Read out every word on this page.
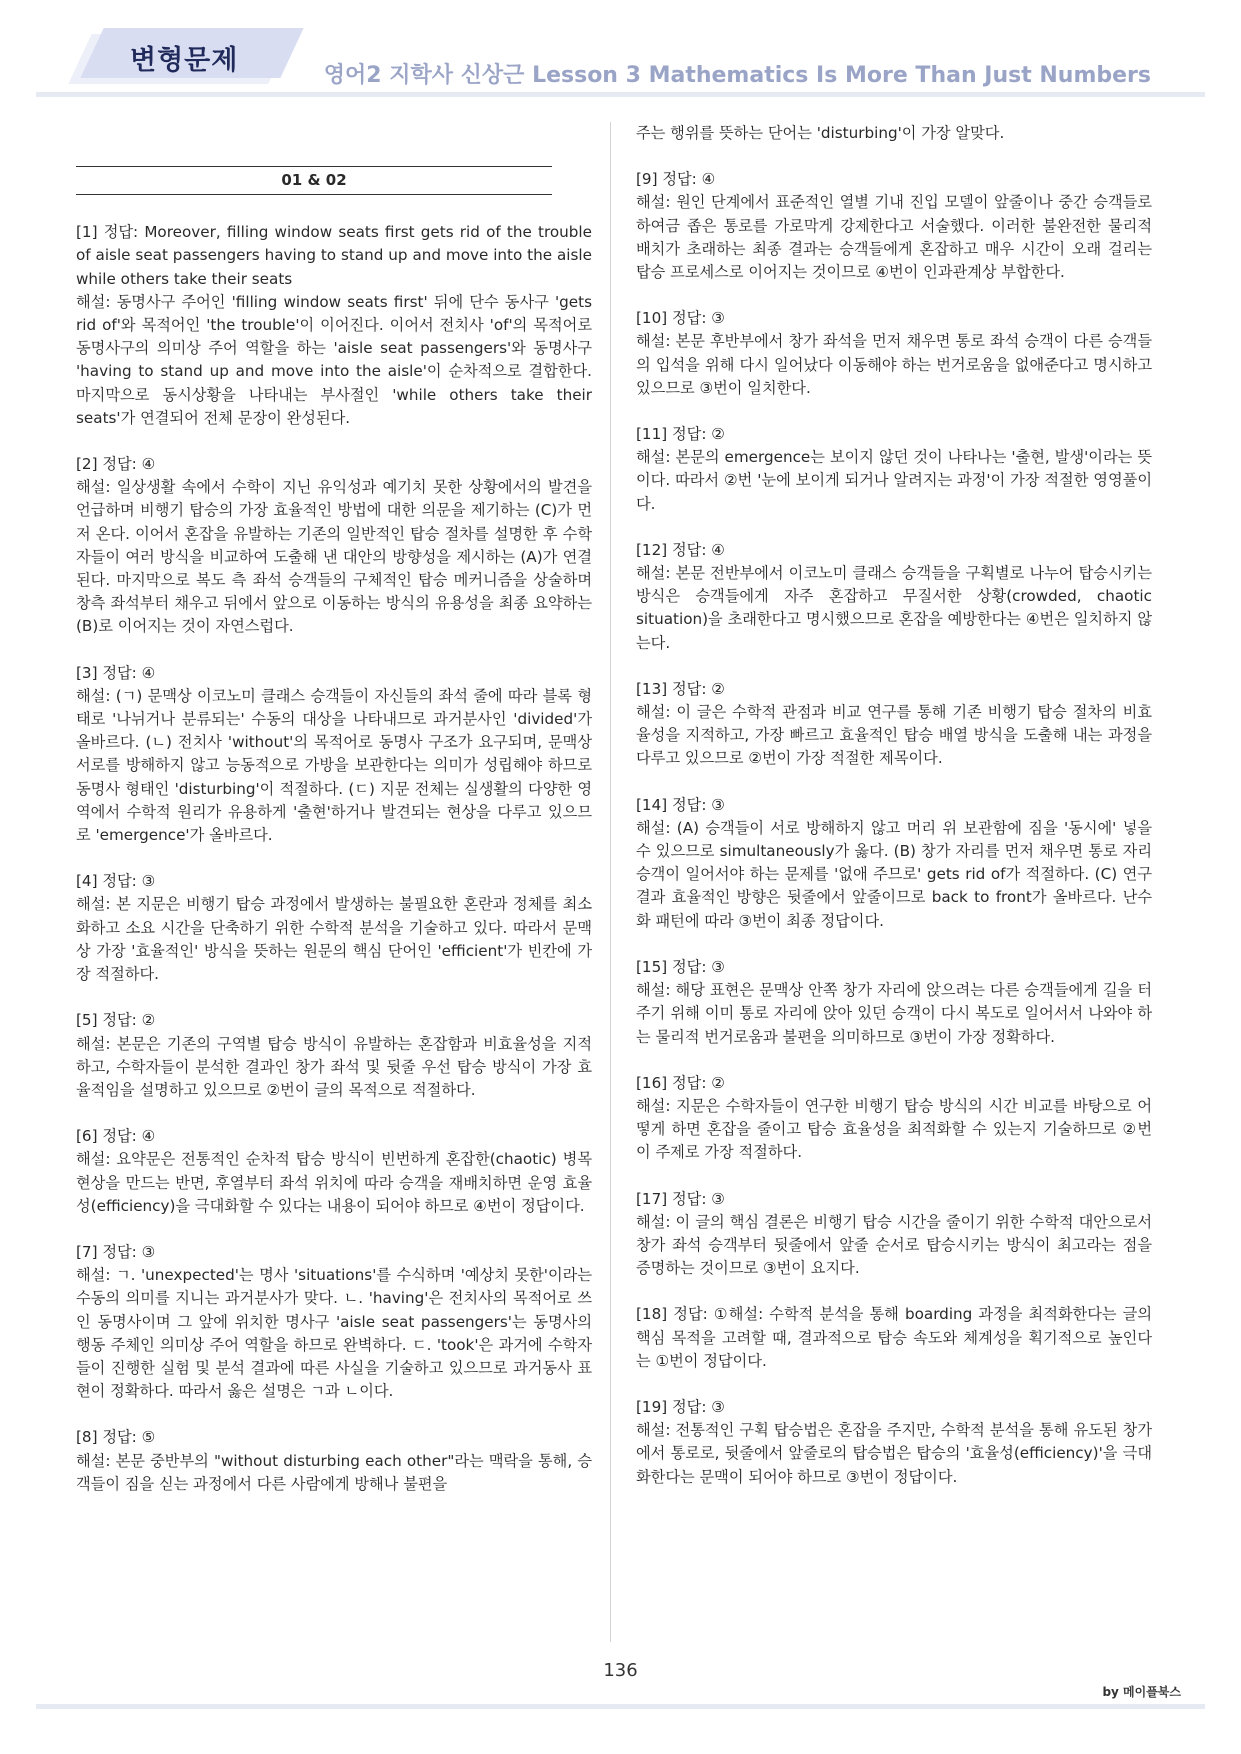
변형문제	영어2 지학사 신상근 Lesson 3 Mathematics Is More Than Just Numbers
01 & 02

[1] 정답: Moreover, filling window seats first gets rid of the trouble of aisle seat passengers having to stand up and move into the aisle while others take their seats

해설: 동명사구 주어인 'filling window seats first' 뒤에 단수 동사구 'gets rid of'와 목적어인 'the trouble'이 이어진다. 이어서 전치사 'of'의 목적어로 동명사구의 의미상 주어 역할을 하는 'aisle seat passengers'와 동명사구 'having to stand up and move into the aisle'이 순차적으로 결합한다. 마지막으로 동시상황을 나타내는 부사절인 'while others take their seats'가 연결되어 전체 문장이 완성된다.

[2] 정답: ④

해설: 일상생활 속에서 수학이 지닌 유익성과 예기치 못한 상황에서의 발견을 언급하며 비행기 탑승의 가장 효율적인 방법에 대한 의문을 제기하는 (C)가 먼저 온다. 이어서 혼잡을 유발하는 기존의 일반적인 탑승 절차를 설명한 후 수학자들이 여러 방식을 비교하여 도출해 낸 대안의 방향성을 제시하는 (A)가 연결된다. 마지막으로 복도 측 좌석 승객들의 구체적인 탑승 메커니즘을 상술하며 창측 좌석부터 채우고 뒤에서 앞으로 이동하는 방식의 유용성을 최종 요약하는 (B)로 이어지는 것이 자연스럽다.

[3] 정답: ④

해설: (ㄱ) 문맥상 이코노미 클래스 승객들이 자신들의 좌석 줄에 따라 블록 형태로 '나뉘거나 분류되는' 수동의 대상을 나타내므로 과거분사인 'divided'가 올바르다. (ㄴ) 전치사 'without'의 목적어로 동명사 구조가 요구되며, 문맥상 서로를 방해하지 않고 능동적으로 가방을 보관한다는 의미가 성립해야 하므로 동명사 형태인 'disturbing'이 적절하다. (ㄷ) 지문 전체는 실생활의 다양한 영역에서 수학적 원리가 유용하게 '출현'하거나 발견되는 현상을 다루고 있으므로 'emergence'가 올바르다.

[4] 정답: ③

해설: 본 지문은 비행기 탑승 과정에서 발생하는 불필요한 혼란과 정체를 최소화하고 소요 시간을 단축하기 위한 수학적 분석을 기술하고 있다. 따라서 문맥상 가장 '효율적인' 방식을 뜻하는 원문의 핵심 단어인 'efficient'가 빈칸에 가장 적절하다.

[5] 정답: ②

해설: 본문은 기존의 구역별 탑승 방식이 유발하는 혼잡함과 비효율성을 지적하고, 수학자들이 분석한 결과인 창가 좌석 및 뒷줄 우선 탑승 방식이 가장 효율적임을 설명하고 있으므로 ②번이 글의 목적으로 적절하다.

[6] 정답: ④

해설: 요약문은 전통적인 순차적 탑승 방식이 빈번하게 혼잡한(chaotic) 병목 현상을 만드는 반면, 후열부터 좌석 위치에 따라 승객을 재배치하면 운영 효율성(efficiency)을 극대화할 수 있다는 내용이 되어야 하므로 ④번이 정답이다.

[7] 정답: ③

해설: ㄱ. 'unexpected'는 명사 'situations'를 수식하며 '예상치 못한'이라는 수동의 의미를 지니는 과거분사가 맞다. ㄴ. 'having'은 전치사의 목적어로 쓰인 동명사이며 그 앞에 위치한 명사구 'aisle seat passengers'는 동명사의 행동 주체인 의미상 주어 역할을 하므로 완벽하다. ㄷ. 'took'은 과거에 수학자들이 진행한 실험 및 분석 결과에 따른 사실을 기술하고 있으므로 과거동사 표현이 정확하다. 따라서 옳은 설명은 ㄱ과 ㄴ이다.

[8] 정답: ⑤

해설: 본문 중반부의 "without disturbing each other"라는 맥락을 통해, 승객들이 짐을 싣는 과정에서 다른 사람에게 방해나 불편을

주는 행위를 뜻하는 단어는 'disturbing'이 가장 알맞다.

[9] 정답: ④

해설: 원인 단계에서 표준적인 열별 기내 진입 모델이 앞줄이나 중간 승객들로 하여금 좁은 통로를 가로막게 강제한다고 서술했다. 이러한 불완전한 물리적 배치가 초래하는 최종 결과는 승객들에게 혼잡하고 매우 시간이 오래 걸리는 탑승 프로세스로 이어지는 것이므로 ④번이 인과관계상 부합한다.

[10] 정답: ③

해설: 본문 후반부에서 창가 좌석을 먼저 채우면 통로 좌석 승객이 다른 승객들의 입석을 위해 다시 일어났다 이동해야 하는 번거로움을 없애준다고 명시하고 있으므로 ③번이 일치한다.

[11] 정답: ②

해설: 본문의 emergence는 보이지 않던 것이 나타나는 '출현, 발생'이라는 뜻이다. 따라서 ②번 '눈에 보이게 되거나 알려지는 과정'이 가장 적절한 영영풀이다.

[12] 정답: ④

해설: 본문 전반부에서 이코노미 클래스 승객들을 구획별로 나누어 탑승시키는 방식은 승객들에게 자주 혼잡하고 무질서한 상황(crowded, chaotic situation)을 초래한다고 명시했으므로 혼잡을 예방한다는 ④번은 일치하지 않는다.

[13] 정답: ②

해설: 이 글은 수학적 관점과 비교 연구를 통해 기존 비행기 탑승 절차의 비효율성을 지적하고, 가장 빠르고 효율적인 탑승 배열 방식을 도출해 내는 과정을 다루고 있으므로 ②번이 가장 적절한 제목이다.

[14] 정답: ③

해설: (A) 승객들이 서로 방해하지 않고 머리 위 보관함에 짐을 '동시에' 넣을 수 있으므로 simultaneously가 옳다. (B) 창가 자리를 먼저 채우면 통로 자리 승객이 일어서야 하는 문제를 '없애 주므로' gets rid of가 적절하다. (C) 연구 결과 효율적인 방향은 뒷줄에서 앞줄이므로 back to front가 올바르다. 난수화 패턴에 따라 ③번이 최종 정답이다.

[15] 정답: ③

해설: 해당 표현은 문맥상 안쪽 창가 자리에 앉으려는 다른 승객들에게 길을 터주기 위해 이미 통로 자리에 앉아 있던 승객이 다시 복도로 일어서서 나와야 하는 물리적 번거로움과 불편을 의미하므로 ③번이 가장 정확하다.

[16] 정답: ②

해설: 지문은 수학자들이 연구한 비행기 탑승 방식의 시간 비교를 바탕으로 어떻게 하면 혼잡을 줄이고 탑승 효율성을 최적화할 수 있는지 기술하므로 ②번이 주제로 가장 적절하다.

[17] 정답: ③

해설: 이 글의 핵심 결론은 비행기 탑승 시간을 줄이기 위한 수학적 대안으로서 창가 좌석 승객부터 뒷줄에서 앞줄 순서로 탑승시키는 방식이 최고라는 점을 증명하는 것이므로 ③번이 요지다.

[18] 정답: ①해설: 수학적 분석을 통해 boarding 과정을 최적화한다는 글의 핵심 목적을 고려할 때, 결과적으로 탑승 속도와 체계성을 획기적으로 높인다는 ①번이 정답이다.

[19] 정답: ③

해설: 전통적인 구획 탑승법은 혼잡을 주지만, 수학적 분석을 통해 유도된 창가에서 통로로, 뒷줄에서 앞줄로의 탑승법은 탑승의 '효율성(efficiency)'을 극대화한다는 문맥이 되어야 하므로 ③번이 정답이다.

136
by 메이플북스
